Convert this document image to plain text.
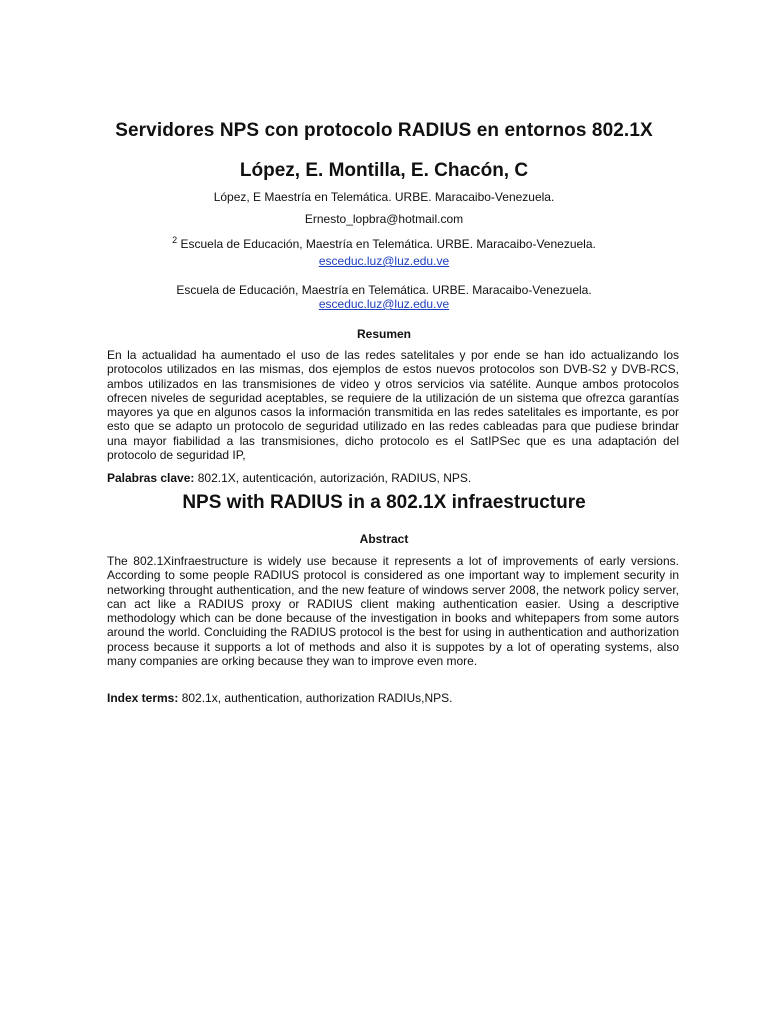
Servidores NPS con protocolo RADIUS en entornos 802.1X
López, E. Montilla, E. Chacón, C
López, E Maestría en Telemática. URBE. Maracaibo-Venezuela.
Ernesto_lopbra@hotmail.com
$^2$ Escuela de Educación, Maestría en Telemática. URBE. Maracaibo-Venezuela.
esceduc.luz@luz.edu.ve
Escuela de Educación, Maestría en Telemática. URBE. Maracaibo-Venezuela.
esceduc.luz@luz.edu.ve
Resumen
En la actualidad ha aumentado el uso de las redes satelitales y por ende se han ido actualizando los protocolos utilizados en las mismas, dos ejemplos de estos nuevos protocolos son DVB-S2 y DVB-RCS, ambos utilizados en las transmisiones de video y otros servicios via satélite. Aunque ambos protocolos ofrecen niveles de seguridad aceptables, se requiere de la utilización de un sistema que ofrezca garantías mayores ya que en algunos casos la información transmitida en las redes satelitales es importante, es por esto que se adapto un protocolo de seguridad utilizado en las redes cableadas para que pudiese brindar una mayor fiabilidad a las transmisiones, dicho protocolo es el SatIPSec que es una adaptación del protocolo de seguridad IP,
Palabras clave: 802.1X, autenticación, autorización, RADIUS, NPS.
NPS with RADIUS in a 802.1X infraestructure
Abstract
The 802.1Xinfraestructure is widely use because it represents a lot of improvements of early versions. According to some people RADIUS protocol is considered as one important way to implement security in networking throught authentication, and the new feature of windows server 2008, the network policy server, can act like a RADIUS proxy or RADIUS client making authentication easier. Using a descriptive methodology which can be done because of the investigation in books and whitepapers from some autors around the world. Concluiding the RADIUS protocol is the best for using in authentication and authorization process because it supports a lot of methods and also it is suppotes by a lot of operating systems, also many companies are orking because they wan to improve even more.
Index terms: 802.1x, authentication, authorization RADIUs,NPS.
